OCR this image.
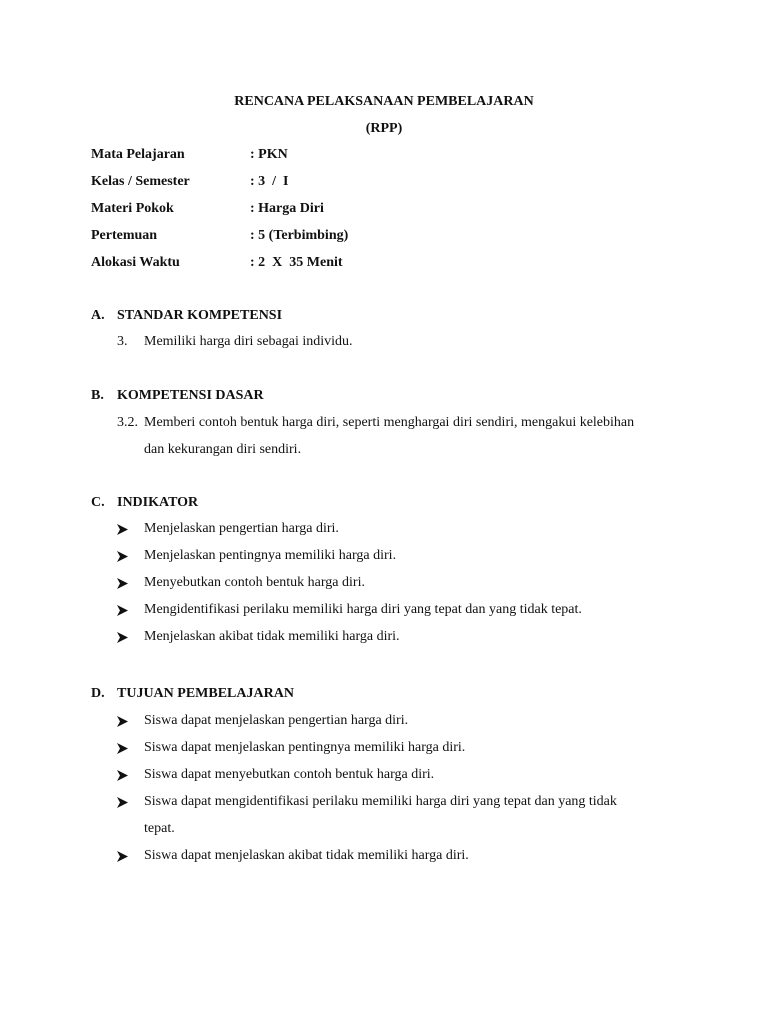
RENCANA PELAKSANAAN PEMBELAJARAN
(RPP)
Mata Pelajaran	: PKN
Kelas / Semester	: 3  /  I
Materi Pokok	: Harga Diri
Pertemuan	: 5 (Terbimbing)
Alokasi Waktu	: 2  X  35 Menit
A. STANDAR KOMPETENSI
3. Memiliki harga diri sebagai individu.
B. KOMPETENSI DASAR
3.2. Memberi contoh bentuk harga diri, seperti menghargai diri sendiri, mengakui kelebihan
dan kekurangan diri sendiri.
C. INDIKATOR
Menjelaskan pengertian harga diri.
Menjelaskan pentingnya memiliki harga diri.
Menyebutkan contoh bentuk harga diri.
Mengidentifikasi perilaku memiliki harga diri yang tepat dan yang tidak tepat.
Menjelaskan akibat tidak memiliki harga diri.
D. TUJUAN PEMBELAJARAN
Siswa dapat menjelaskan pengertian harga diri.
Siswa dapat menjelaskan pentingnya memiliki harga diri.
Siswa dapat menyebutkan contoh bentuk harga diri.
Siswa dapat mengidentifikasi perilaku memiliki harga diri yang tepat dan yang tidak
tepat.
Siswa dapat menjelaskan akibat tidak memiliki harga diri.
